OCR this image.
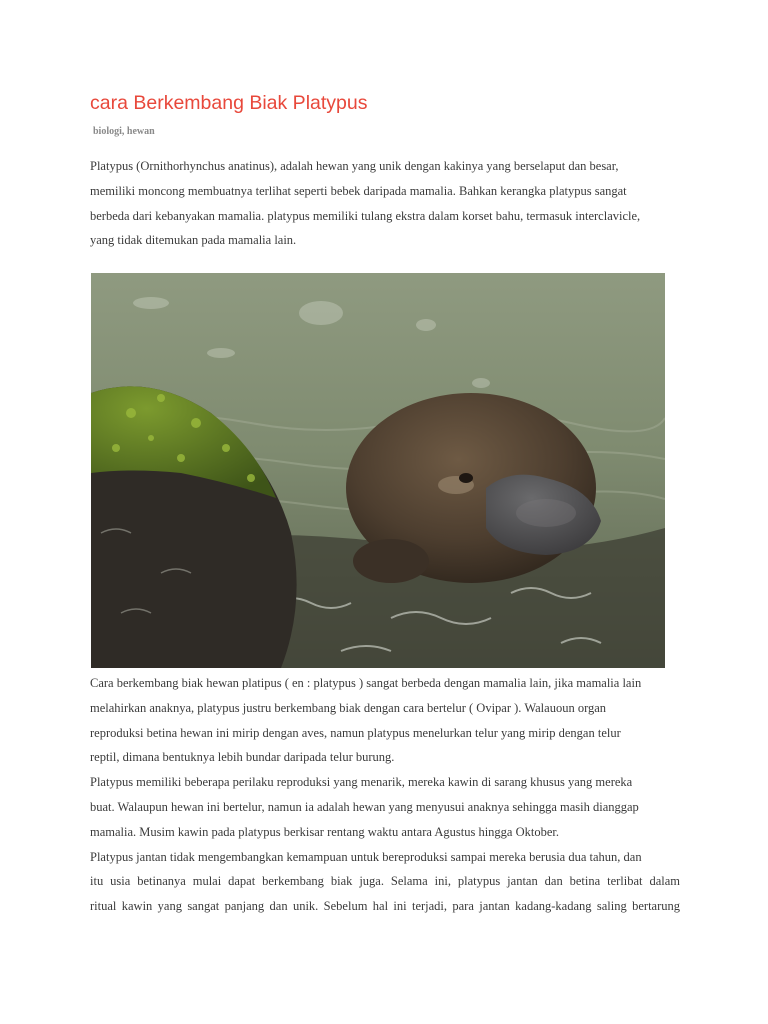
cara Berkembang Biak Platypus
biologi, hewan
Platypus (Ornithorhynchus anatinus), adalah hewan yang unik dengan kakinya yang berselaput dan besar,
memiliki moncong membuatnya terlihat seperti bebek daripada mamalia. Bahkan kerangka platypus sangat
berbeda dari kebanyakan mamalia. platypus memiliki tulang ekstra dalam korset bahu, termasuk interclavicle,
yang tidak ditemukan pada mamalia lain.
Cara berkembang biak hewan platipus ( en : platypus ) sangat berbeda dengan mamalia lain, jika mamalia lain
melahirkan anaknya, platypus justru berkembang biak dengan cara bertelur ( Ovipar ). Walauoun organ
reproduksi betina hewan ini mirip dengan aves, namun platypus menelurkan telur yang mirip dengan telur
reptil, dimana bentuknya lebih bundar daripada telur burung.
Platypus memiliki beberapa perilaku reproduksi yang menarik, mereka kawin di sarang khusus yang mereka
buat. Walaupun hewan ini bertelur, namun ia adalah hewan yang menyusui anaknya sehingga masih dianggap
mamalia. Musim kawin pada platypus berkisar rentang waktu antara Agustus hingga Oktober.
Platypus jantan tidak mengembangkan kemampuan untuk bereproduksi sampai mereka berusia dua tahun, dan
itu usia betinanya mulai dapat berkembang biak juga. Selama ini, platypus jantan dan betina terlibat dalam
ritual kawin yang sangat panjang dan unik. Sebelum hal ini terjadi, para jantan kadang-kadang saling bertarung
